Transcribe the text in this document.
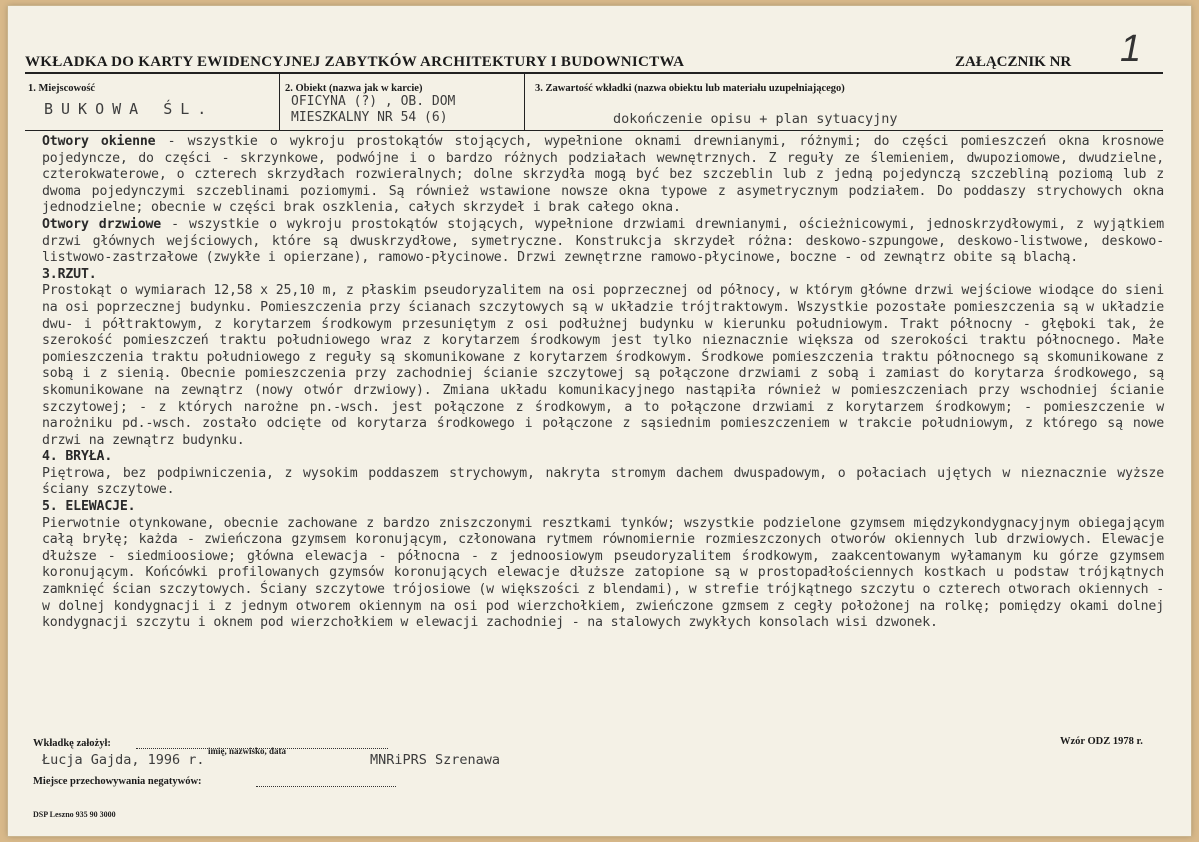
WKŁADKA DO KARTY EWIDENCYJNEJ ZABYTKÓW ARCHITEKTURY I BUDOWNICTWA	ZAŁĄCZNIK NR 1
1. Miejscowość
BUKOWA ŚL.
2. Obiekt (nazwa jak w karcie)
OFICYNA (?) , OB. DOM
MIESZKALNY NR 54 (6)
3. Zawartość wkładki (nazwa obiektu lub materiału uzupełniającego)
dokończenie opisu + plan sytuacyjny

Otwory okienne - wszystkie o wykroju prostokątów stojących, wypełnione oknami drewnianymi, różnymi; do części pomieszczeń okna krosnowe pojedyncze, do części - skrzynkowe, podwójne i o bardzo różnych podziałach wewnętrznych. Z reguły ze ślemieniem, dwupoziomowe, dwudzielne, czterokwaterowe, o czterech skrzydłach rozwieralnych; dolne skrzydła mogą być bez szczeblin lub z jedną pojedynczą szczebliną poziomą lub z dwoma pojedynczymi szczeblinami poziomymi. Są również wstawione nowsze okna typowe z asymetrycznym podziałem. Do poddaszy strychowych okna jednodzielne; obecnie w części brak oszklenia, całych skrzydeł i brak całego okna.

Otwory drzwiowe - wszystkie o wykroju prostokątów stojących, wypełnione drzwiami drewnianymi, ościeżnicowymi, jednoskrzydłowymi, z wyjątkiem drzwi głównych wejściowych, które są dwuskrzydłowe, symetryczne. Konstrukcja skrzydeł różna: deskowo-szpungowe, deskowo-listwowe, deskowo-listwowo-zastrzałowe (zwykłe i opierzane), ramowo-płycinowe. Drzwi zewnętrzne ramowo-płycinowe, boczne - od zewnątrz obite są blachą.

3.RZUT.

Prostokąt o wymiarach 12,58 x 25,10 m, z płaskim pseudoryzalitem na osi poprzecznej od północy, w którym główne drzwi wejściowe wiodące do sieni na osi poprzecznej budynku. Pomieszczenia przy ścianach szczytowych są w układzie trójtraktowym. Wszystkie pozostałe pomieszczenia są w układzie dwu- i półtraktowym, z korytarzem środkowym przesuniętym z osi podłużnej budynku w kierunku południowym. Trakt północny - głęboki tak, że szerokość pomieszczeń traktu południowego wraz z korytarzem środkowym jest tylko nieznacznie większa od szerokości traktu północnego. Małe pomieszczenia traktu południowego z reguły są skomunikowane z korytarzem środkowym. Środkowe pomieszczenia traktu północnego są skomunikowane z sobą i z sienią. Obecnie pomieszczenia przy zachodniej ścianie szczytowej są połączone drzwiami z sobą i zamiast do korytarza środkowego, są skomunikowane na zewnątrz (nowy otwór drzwiowy). Zmiana układu komunikacyjnego nastąpiła również w pomieszczeniach przy wschodniej ścianie szczytowej; - z których narożne pn.-wsch. jest połączone z środkowym, a to połączone drzwiami z korytarzem środkowym; - pomieszczenie w narożniku pd.-wsch. zostało odcięte od korytarza środkowego i połączone z sąsiednim pomieszczeniem w trakcie południowym, z którego są nowe drzwi na zewnątrz budynku.

4. BRYŁA.

Piętrowa, bez podpiwniczenia, z wysokim poddaszem strychowym, nakryta stromym dachem dwuspadowym, o połaciach ujętych w nieznacznie wyższe ściany szczytowe.

5. ELEWACJE.

Pierwotnie otynkowane, obecnie zachowane z bardzo zniszczonymi resztkami tynków; wszystkie podzielone gzymsem międzykondygnacyjnym obiegającym całą bryłę; każda - zwieńczona gzymsem koronującym, członowana rytmem równomiernie rozmieszczonych otworów okiennych lub drzwiowych. Elewacje dłuższe - siedmioosiowe; główna elewacja - północna - z jednoosiowym pseudoryzalitem środkowym, zaakcentowanym wyłamanym ku górze gzymsem koronującym. Końcówki profilowanych gzymsów koronujących elewacje dłuższe zatopione są w prostopadłościennych kostkach u podstaw trójkątnych zamknięć ścian szczytowych. Ściany szczytowe trójosiowe (w większości z blendami), w strefie trójkątnego szczytu o czterech otworach okiennych - w dolnej kondygnacji i z jednym otworem okiennym na osi pod wierzchołkiem, zwieńczone gzmsem z cegły położonej na rolkę; pomiędzy okami dolnej kondygnacji szczytu i oknem pod wierzchołkiem w elewacji zachodniej - na stalowych zwykłych konsolach wisi dzwonek.

Wkładkę założył:
imię, nazwisko, data
Łucja Gajda, 1996 r.	MNRiPRS Szrenawa
Wzór ODZ 1978 r.
Miejsce przechowywania negatywów:
DSP Leszno 935 90 3000
